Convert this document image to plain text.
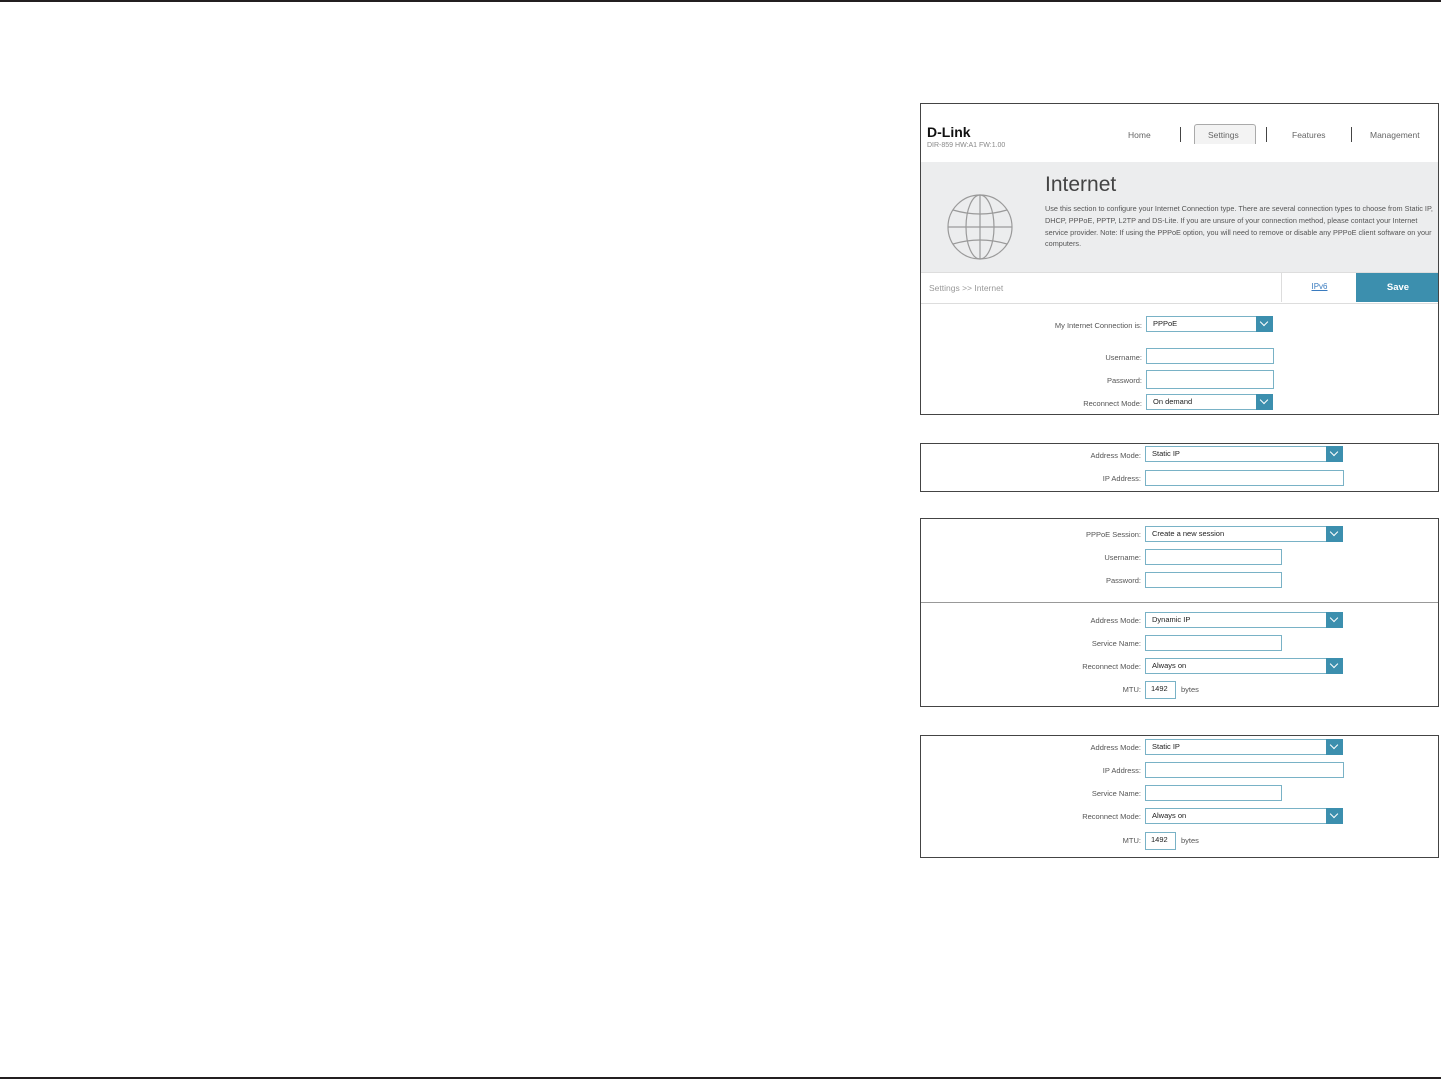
D-Link
DIR-859 HW:A1 FW:1.00
Home	Settings	Features	Management
Internet
Use this section to configure your Internet Connection type. There are several connection types to choose from Static IP, DHCP, PPPoE, PPTP, L2TP and DS-Lite. If you are unsure of your connection method, please contact your Internet service provider. Note: If using the PPPoE option, you will need to remove or disable any PPPoE client software on your computers.
Settings >> Internet	IPv6	Save
My Internet Connection is:	PPPoE
Username:
Password:
Reconnect Mode:	On demand
Address Mode:	Static IP
IP Address:
PPPoE Session:	Create a new session
Username:
Password:
Address Mode:	Dynamic IP
Service Name:
Reconnect Mode:	Always on
MTU:	1492	bytes
Address Mode:	Static IP
IP Address:
Service Name:
Reconnect Mode:	Always on
MTU:	1492	bytes
